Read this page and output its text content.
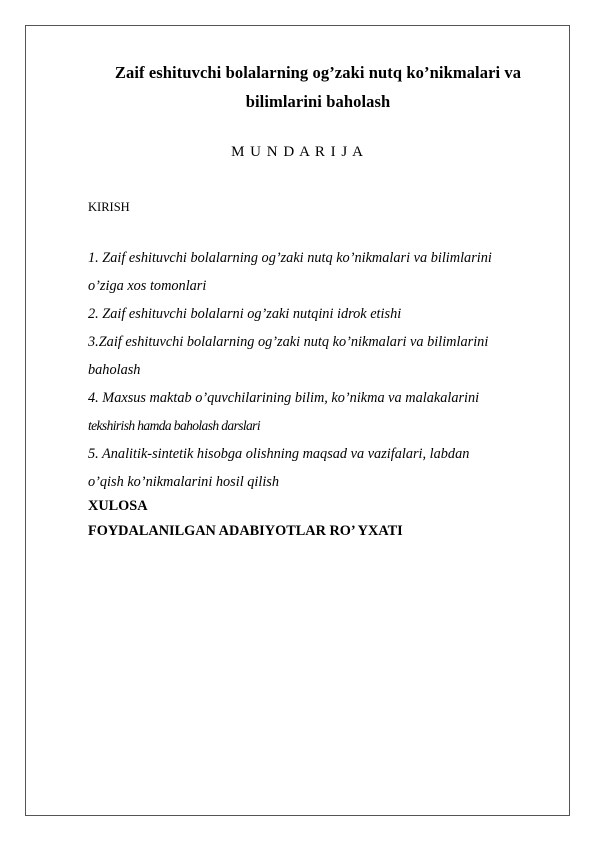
Zaif eshituvchi bolalarning og’zaki nutq ko’nikmalari va
bilimlarini baholash
M U N D A R I J A
KIRISH
1. Zaif eshituvchi bolalarning og’zaki nutq ko’nikmalari va bilimlarini
o’ziga xos tomonlari
2. Zaif eshituvchi bolalarni og’zaki nutqini idrok etishi
3.Zaif eshituvchi bolalarning og’zaki nutq ko’nikmalari va bilimlarini
baholash
4. Maxsus maktab o’quvchilarining bilim, ko’nikma va malakalarini
tekshirish hamda baholash darslari
5. Analitik-sintetik hisobga olishning maqsad va vazifalari, labdan
o’qish ko’nikmalarini hosil qilish
XULOSA
FOYDALANILGAN ADABIYOTLAR RO’ YXATI
